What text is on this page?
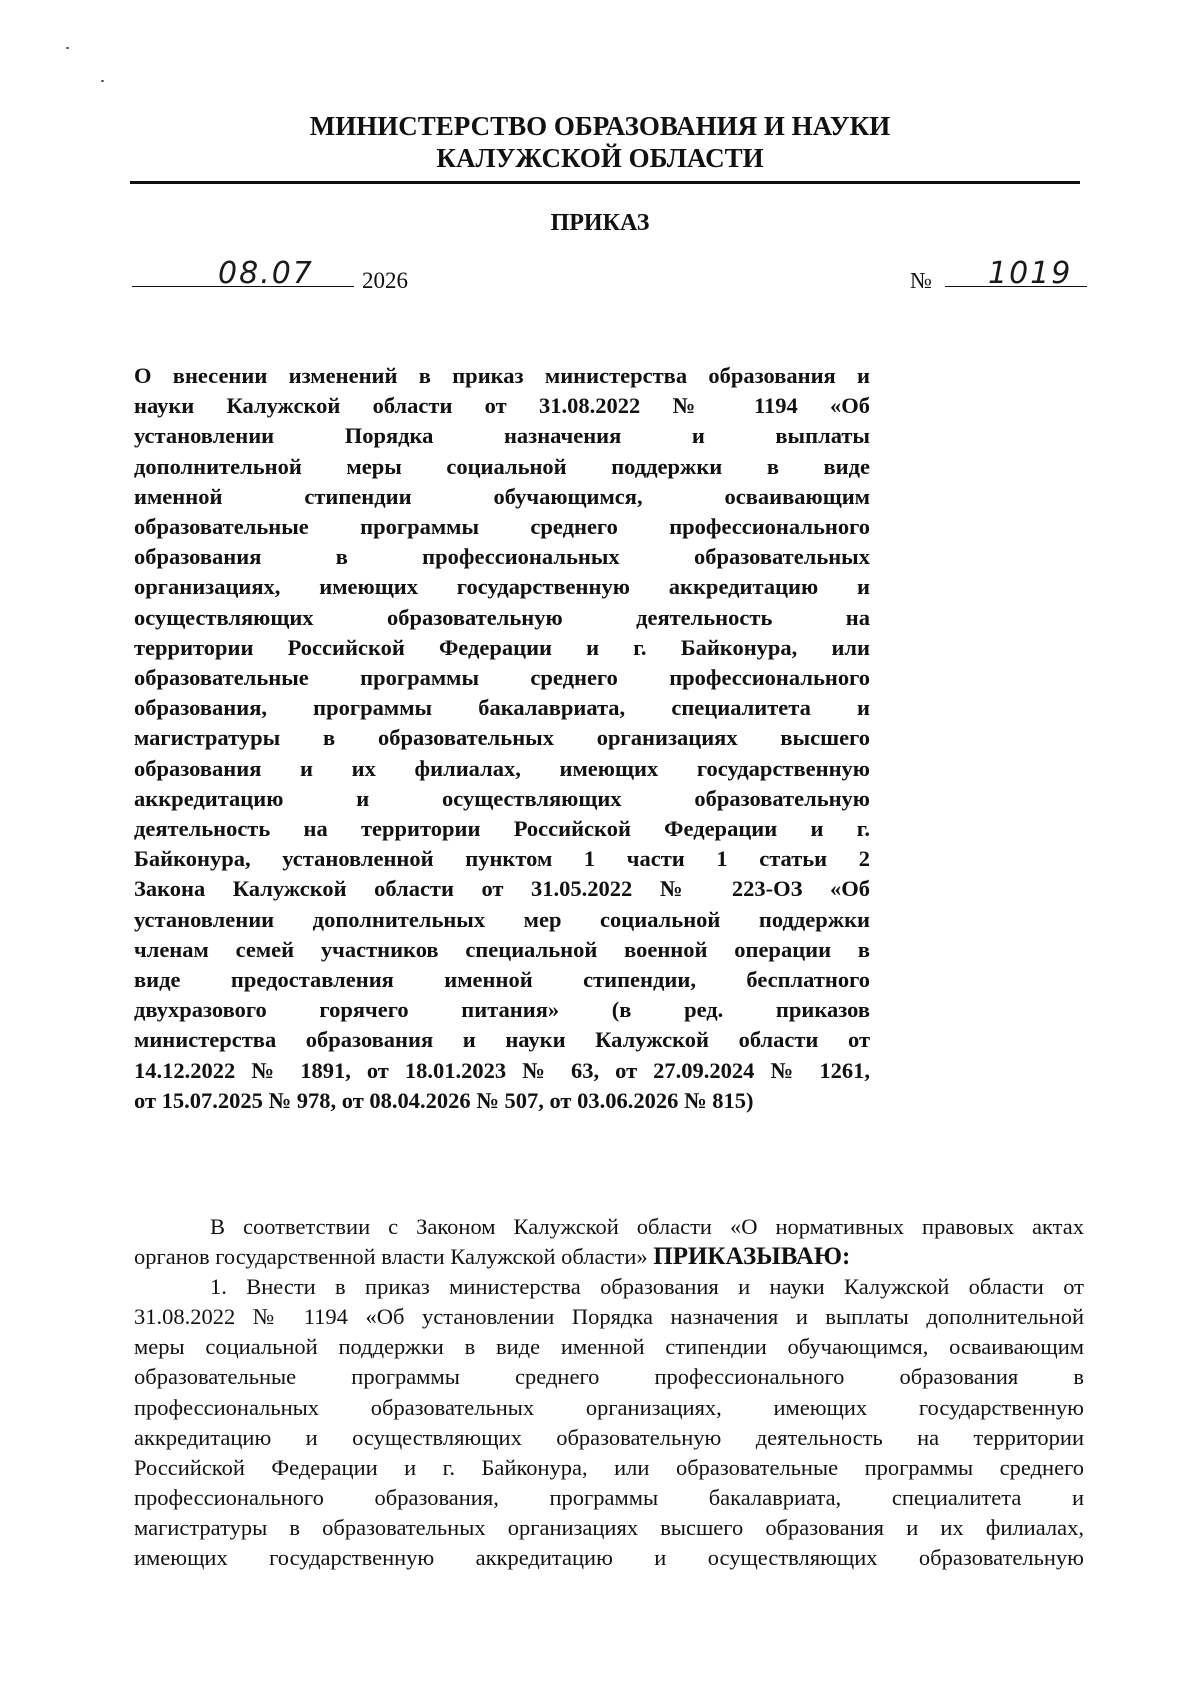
МИНИСТЕРСТВО ОБРАЗОВАНИЯ И НАУКИ
КАЛУЖСКОЙ ОБЛАСТИ
ПРИКАЗ
08.07 2026	№ 1019
О внесении изменений в приказ министерства образования и
науки Калужской области от 31.08.2022 № 1194 «Об
установлении Порядка назначения и выплаты
дополнительной меры социальной поддержки в виде
именной стипендии обучающимся, осваивающим
образовательные программы среднего профессионального
образования в профессиональных образовательных
организациях, имеющих государственную аккредитацию и
осуществляющих образовательную деятельность на
территории Российской Федерации и г. Байконура, или
образовательные программы среднего профессионального
образования, программы бакалавриата, специалитета и
магистратуры в образовательных организациях высшего
образования и их филиалах, имеющих государственную
аккредитацию и осуществляющих образовательную
деятельность на территории Российской Федерации и г.
Байконура, установленной пунктом 1 части 1 статьи 2
Закона Калужской области от 31.05.2022 № 223-ОЗ «Об
установлении дополнительных мер социальной поддержки
членам семей участников специальной военной операции в
виде предоставления именной стипендии, бесплатного
двухразового горячего питания» (в ред. приказов
министерства образования и науки Калужской области от
14.12.2022 № 1891, от 18.01.2023 № 63, от 27.09.2024 № 1261,
от 15.07.2025 № 978, от 08.04.2026 № 507, от 03.06.2026 № 815)
В соответствии с Законом Калужской области «О нормативных правовых актах
органов государственной власти Калужской области» ПРИКАЗЫВАЮ:
1. Внести в приказ министерства образования и науки Калужской области от
31.08.2022 № 1194 «Об установлении Порядка назначения и выплаты дополнительной
меры социальной поддержки в виде именной стипендии обучающимся, осваивающим
образовательные программы среднего профессионального образования в
профессиональных образовательных организациях, имеющих государственную
аккредитацию и осуществляющих образовательную деятельность на территории
Российской Федерации и г. Байконура, или образовательные программы среднего
профессионального образования, программы бакалавриата, специалитета и
магистратуры в образовательных организациях высшего образования и их филиалах,
имеющих государственную аккредитацию и осуществляющих образовательную
